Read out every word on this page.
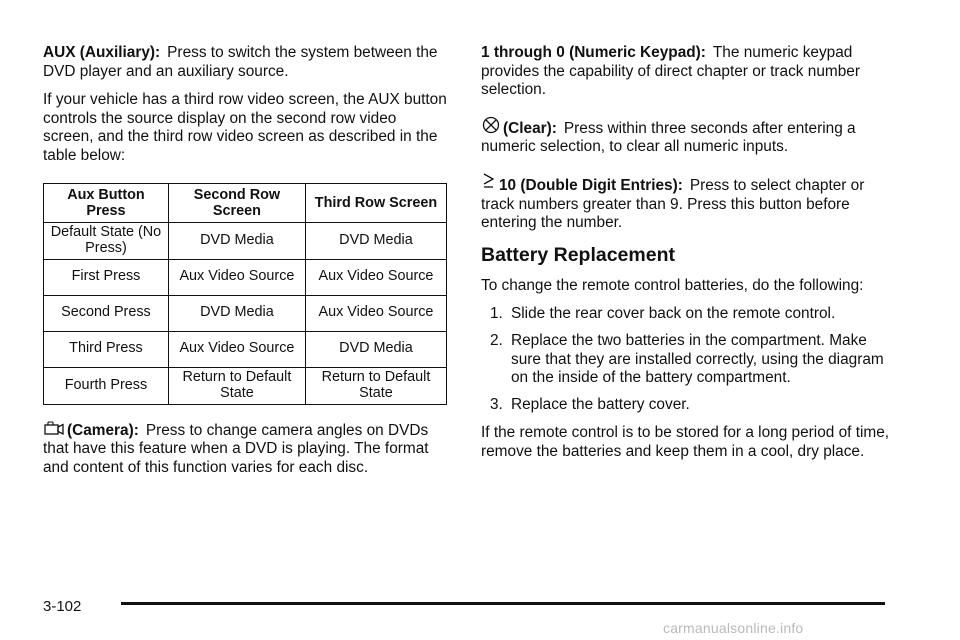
AUX (Auxiliary): Press to switch the system between the DVD player and an auxiliary source.

If your vehicle has a third row video screen, the AUX button controls the source display on the second row video screen, and the third row video screen as described in the table below:

Aux Button Press	Second Row Screen	Third Row Screen
Default State (No Press)	DVD Media	DVD Media
First Press	Aux Video Source	Aux Video Source
Second Press	DVD Media	Aux Video Source
Third Press	Aux Video Source	DVD Media
Fourth Press	Return to Default State	Return to Default State

(Camera): Press to change camera angles on DVDs that have this feature when a DVD is playing. The format and content of this function varies for each disc.

1 through 0 (Numeric Keypad): The numeric keypad provides the capability of direct chapter or track number selection.

(Clear): Press within three seconds after entering a numeric selection, to clear all numeric inputs.

10 (Double Digit Entries): Press to select chapter or track numbers greater than 9. Press this button before entering the number.

Battery Replacement

To change the remote control batteries, do the following:

1. Slide the rear cover back on the remote control.
2. Replace the two batteries in the compartment. Make sure that they are installed correctly, using the diagram on the inside of the battery compartment.
3. Replace the battery cover.

If the remote control is to be stored for a long period of time, remove the batteries and keep them in a cool, dry place.

3-102
carmanualsonline.info
